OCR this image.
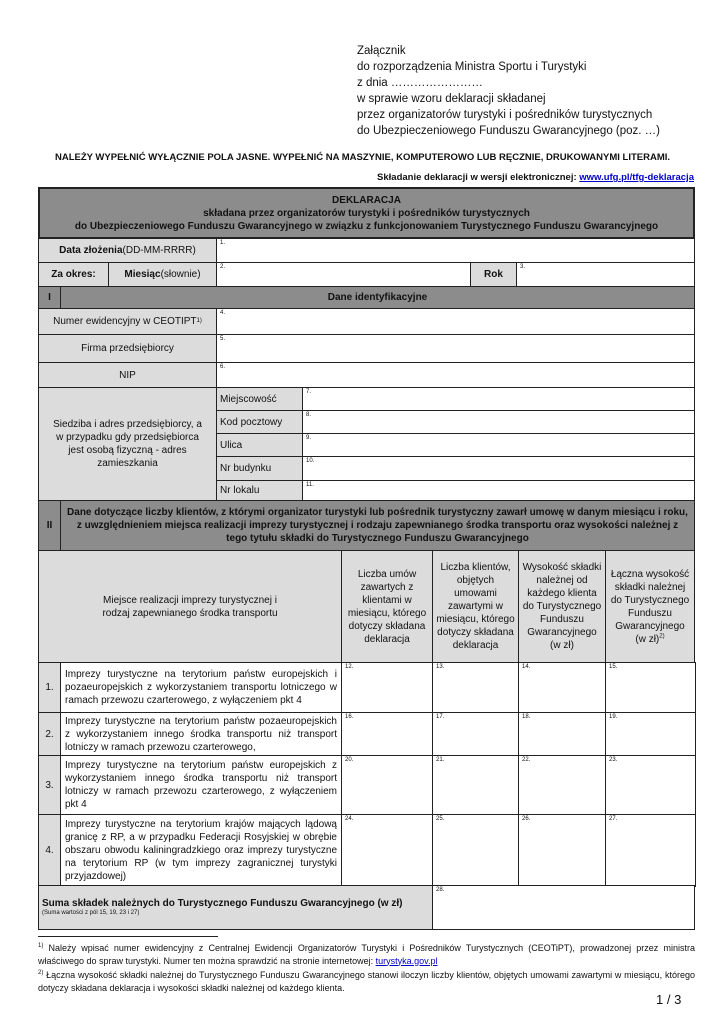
Załącznik
do rozporządzenia Ministra Sportu i Turystyki
z dnia ……………………
w sprawie wzoru deklaracji składanej
przez organizatorów turystyki i pośredników turystycznych
do Ubezpieczeniowego Funduszu Gwarancyjnego (poz. …)
NALEŻY WYPEŁNIĆ WYŁĄCZNIE POLA JASNE. WYPEŁNIĆ NA MASZYNIE, KOMPUTEROWO LUB RĘCZNIE, DRUKOWANYMI LITERAMI.
Składanie deklaracji w wersji elektronicznej: www.ufg.pl/tfg-deklaracja
DEKLARACJA
składana przez organizatorów turystyki i pośredników turystycznych
do Ubezpieczeniowego Funduszu Gwarancyjnego w związku z funkcjonowaniem Turystycznego Funduszu Gwarancyjnego
Data złożenia (DD-MM-RRRR)
1.
Za okres:	Miesiąc (słownie)
2.
Rok
3.
I	Dane identyfikacyjne
Numer ewidencyjny w CEOTIPT 1)
4.
Firma przedsiębiorcy
5.
NIP
6.
Siedziba i adres przedsiębiorcy, a w przypadku gdy przedsiębiorca jest osobą fizyczną - adres zamieszkania
Miejscowość
7.
Kod pocztowy
8.
Ulica
9.
Nr budynku
10.
Nr lokalu	11.
II
Dane dotyczące liczby klientów, z którymi organizator turystyki lub pośrednik turystyczny zawarł umowę w danym miesiącu i roku, z uwzględnieniem miejsca realizacji imprezy turystycznej i rodzaju zapewnianego środka transportu oraz wysokości należnej z tego tytułu składki do Turystycznego Funduszu Gwarancyjnego
Miejsce realizacji imprezy turystycznej i rodzaj zapewnianego środka transportu
Liczba umów zawartych z klientami w miesiącu, którego dotyczy składana deklaracja
Liczba klientów, objętych umowami zawartymi w miesiącu, którego dotyczy składana deklaracja
Wysokość składki należnej od każdego klienta do Turystycznego Funduszu Gwarancyjnego (w zł)
Łączna wysokość składki należnej do Turystycznego Funduszu Gwarancyjnego (w zł)$^{2)}$
1.
Imprezy turystyczne na terytorium państw europejskich i pozaeuropejskich z wykorzystaniem transportu lotniczego w ramach przewozu czarterowego, z wyłączeniem pkt 4
12.	13.	14.	15.
2.
Imprezy turystyczne na terytorium państw pozaeuropejskich z wykorzystaniem innego środka transportu niż transport lotniczy w ramach przewozu czarterowego,
16.	17.	18.	19.
3.
Imprezy turystyczne na terytorium państw europejskich z wykorzystaniem innego środka transportu niż transport lotniczy w ramach przewozu czarterowego, z wyłączeniem pkt 4
20.	21.	22.	23.
4.
Imprezy turystyczne na terytorium krajów mających lądową granicę z RP, a w przypadku Federacji Rosyjskiej w obrębie obszaru obwodu kaliningradzkiego oraz imprezy turystyczne na terytorium RP (w tym imprezy zagranicznej turystyki przyjazdowej)
24.	25.	26.	27.
Suma składek należnych do Turystycznego Funduszu Gwarancyjnego (w zł)
(Suma wartości z pól 15, 19, 23 i 27)
28.
$^{1)}$ Należy wpisać numer ewidencyjny z Centralnej Ewidencji Organizatorów Turystyki i Pośredników Turystycznych (CEOTiPT), prowadzonej przez ministra właściwego do spraw turystyki. Numer ten można sprawdzić na stronie internetowej: turystyka.gov.pl
$^{2)}$ Łączna wysokość składki należnej do Turystycznego Funduszu Gwarancyjnego stanowi iloczyn liczby klientów, objętych umowami zawartymi w miesiącu, którego dotyczy składana deklaracja i wysokości składki należnej od każdego klienta.
1 / 3
